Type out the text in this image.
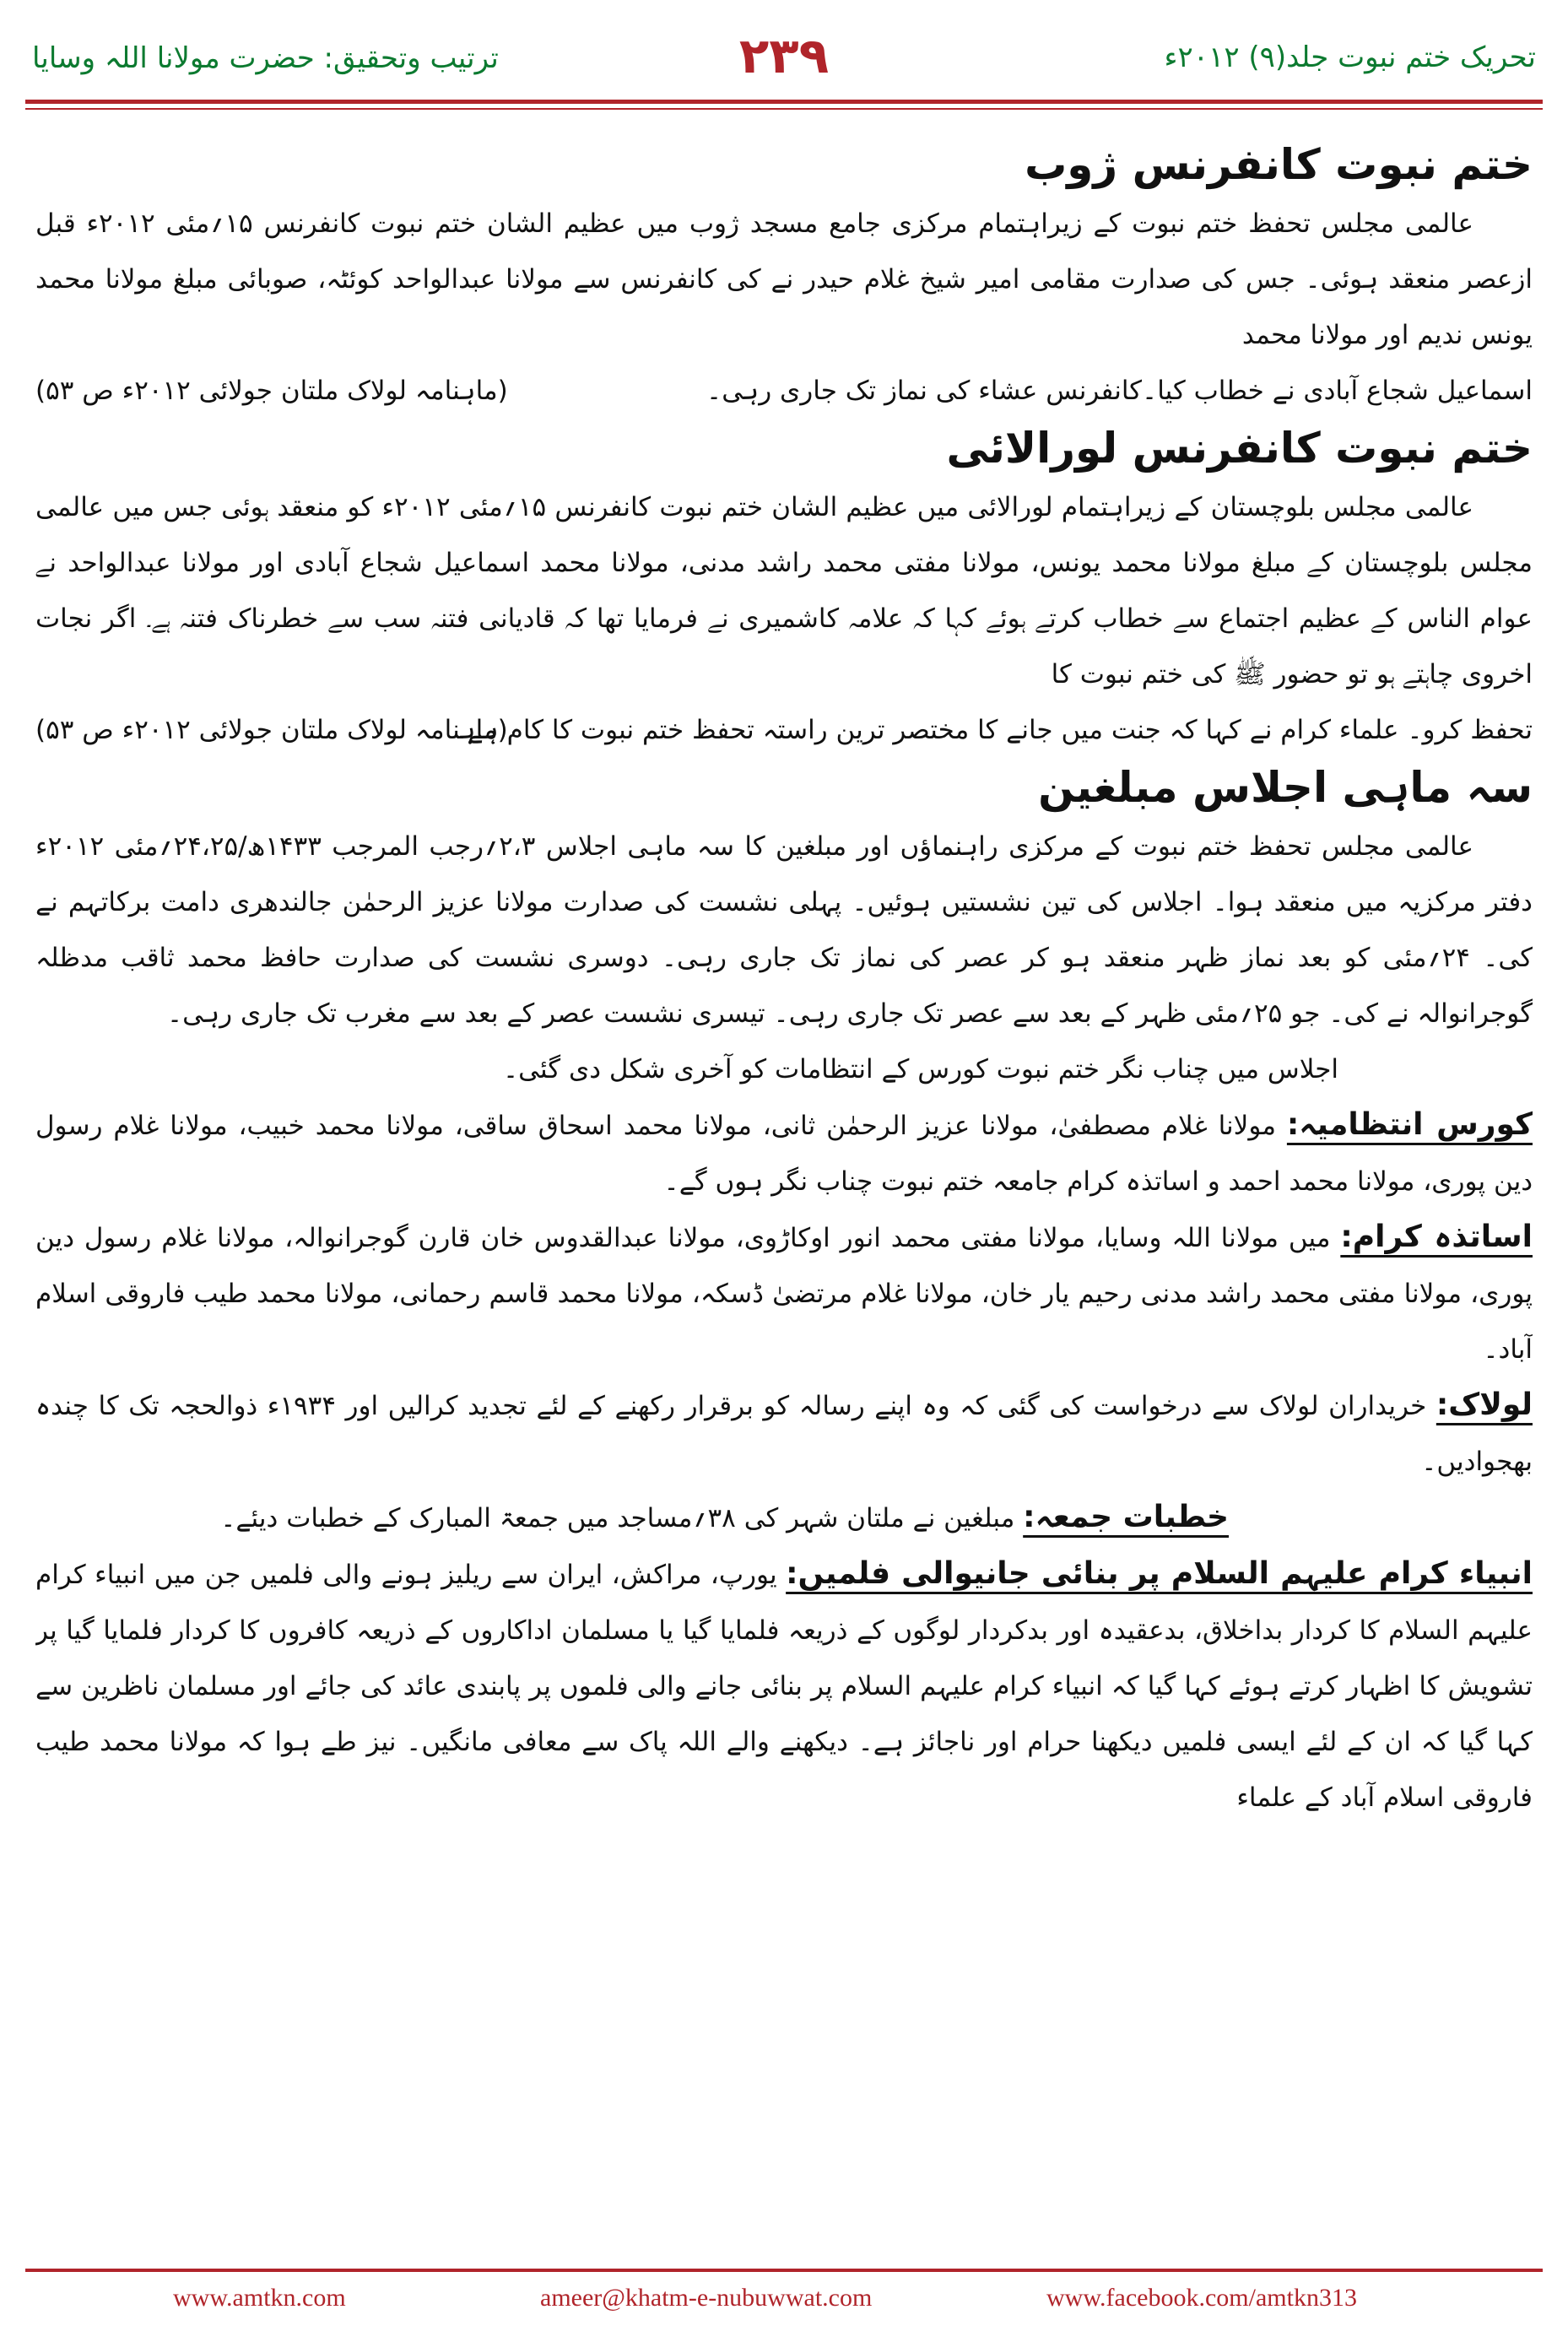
تحریک ختم نبوت جلد(۹) ۲۰۱۲ء
۲۳۹
ترتیب وتحقیق: حضرت مولانا اللہ وسایا
ختم نبوت کانفرنس ژوب

عالمی مجلس تحفظ ختم نبوت کے زیراہتمام مرکزی جامع مسجد ژوب میں عظیم الشان ختم نبوت کانفرنس ۱۵؍مئی ۲۰۱۲ء قبل ازعصر منعقد ہوئی۔ جس کی صدارت مقامی امیر شیخ غلام حیدر نے کی کانفرنس سے مولانا عبدالواحد کوئٹہ، صوبائی مبلغ مولانا محمد یونس ندیم اور مولانا محمد

اسماعیل شجاع آبادی نے خطاب کیا۔کانفرنس عشاء کی نماز تک جاری رہی۔
(ماہنامہ لولاک ملتان جولائی ۲۰۱۲ء ص ۵۳)
ختم نبوت کانفرنس لورالائی

عالمی مجلس بلوچستان کے زیراہتمام لورالائی میں عظیم الشان ختم نبوت کانفرنس ۱۵؍مئی ۲۰۱۲ء کو منعقد ہوئی جس میں عالمی مجلس بلوچستان کے مبلغ مولانا محمد یونس، مولانا مفتی محمد راشد مدنی، مولانا محمد اسماعیل شجاع آبادی اور مولانا عبدالواحد نے عوام الناس کے عظیم اجتماع سے خطاب کرتے ہوئے کہا کہ علامہ کاشمیری نے فرمایا تھا کہ قادیانی فتنہ سب سے خطرناک فتنہ ہے۔ اگر نجات اخروی چاہتے ہو تو حضور ﷺ کی ختم نبوت کا

تحفظ کرو۔ علماء کرام نے کہا کہ جنت میں جانے کا مختصر ترین راستہ تحفظ ختم نبوت کا کام ہے۔
(ماہنامہ لولاک ملتان جولائی ۲۰۱۲ء ص ۵۳)
سہ ماہی اجلاس مبلغین

عالمی مجلس تحفظ ختم نبوت کے مرکزی راہنماؤں اور مبلغین کا سہ ماہی اجلاس ۲،۳؍رجب المرجب ۱۴۳۳ھ/۲۴،۲۵؍مئی ۲۰۱۲ء دفتر مرکزیہ میں منعقد ہوا۔ اجلاس کی تین نشستیں ہوئیں۔ پہلی نشست کی صدارت مولانا عزیز الرحمٰن جالندھری دامت برکاتہم نے کی۔ ۲۴؍مئی کو بعد نماز ظہر منعقد ہو کر عصر کی نماز تک جاری رہی۔ دوسری نشست کی صدارت حافظ محمد ثاقب مدظلہ گوجرانوالہ نے کی۔ جو ۲۵؍مئی ظہر کے بعد سے عصر تک جاری رہی۔ تیسری نشست عصر کے بعد سے مغرب تک جاری رہی۔

اجلاس میں چناب نگر ختم نبوت کورس کے انتظامات کو آخری شکل دی گئی۔

کورس انتظامیہ: مولانا غلام مصطفیٰ، مولانا عزیز الرحمٰن ثانی، مولانا محمد اسحاق ساقی، مولانا محمد خبیب، مولانا غلام رسول دین پوری، مولانا محمد احمد و اساتذہ کرام جامعہ ختم نبوت چناب نگر ہوں گے۔

اساتذہ کرام: میں مولانا اللہ وسایا، مولانا مفتی محمد انور اوکاڑوی، مولانا عبدالقدوس خان قارن گوجرانوالہ، مولانا غلام رسول دین پوری، مولانا مفتی محمد راشد مدنی رحیم یار خان، مولانا غلام مرتضیٰ ڈسکہ، مولانا محمد قاسم رحمانی، مولانا محمد طیب فاروقی اسلام آباد۔

لولاک: خریداران لولاک سے درخواست کی گئی کہ وہ اپنے رسالہ کو برقرار رکھنے کے لئے تجدید کرالیں اور ۱۹۳۴ء ذوالحجہ تک کا چندہ بھجوادیں۔

خطبات جمعہ: مبلغین نے ملتان شہر کی ۳۸؍مساجد میں جمعۃ المبارک کے خطبات دیئے۔

انبیاء کرام علیہم السلام پر بنائی جانیوالی فلمیں: یورپ، مراکش، ایران سے ریلیز ہونے والی فلمیں جن میں انبیاء کرام علیہم السلام کا کردار بداخلاق، بدعقیدہ اور بدکردار لوگوں کے ذریعہ فلمایا گیا یا مسلمان اداکاروں کے ذریعہ کافروں کا کردار فلمایا گیا پر تشویش کا اظہار کرتے ہوئے کہا گیا کہ انبیاء کرام علیہم السلام پر بنائی جانے والی فلموں پر پابندی عائد کی جائے اور مسلمان ناظرین سے کہا گیا کہ ان کے لئے ایسی فلمیں دیکھنا حرام اور ناجائز ہے۔ دیکھنے والے اللہ پاک سے معافی مانگیں۔ نیز طے ہوا کہ مولانا محمد طیب فاروقی اسلام آباد کے علماء

www.amtkn.com	ameer@khatm-e-nubuwwat.com	www.facebook.com/amtkn313
